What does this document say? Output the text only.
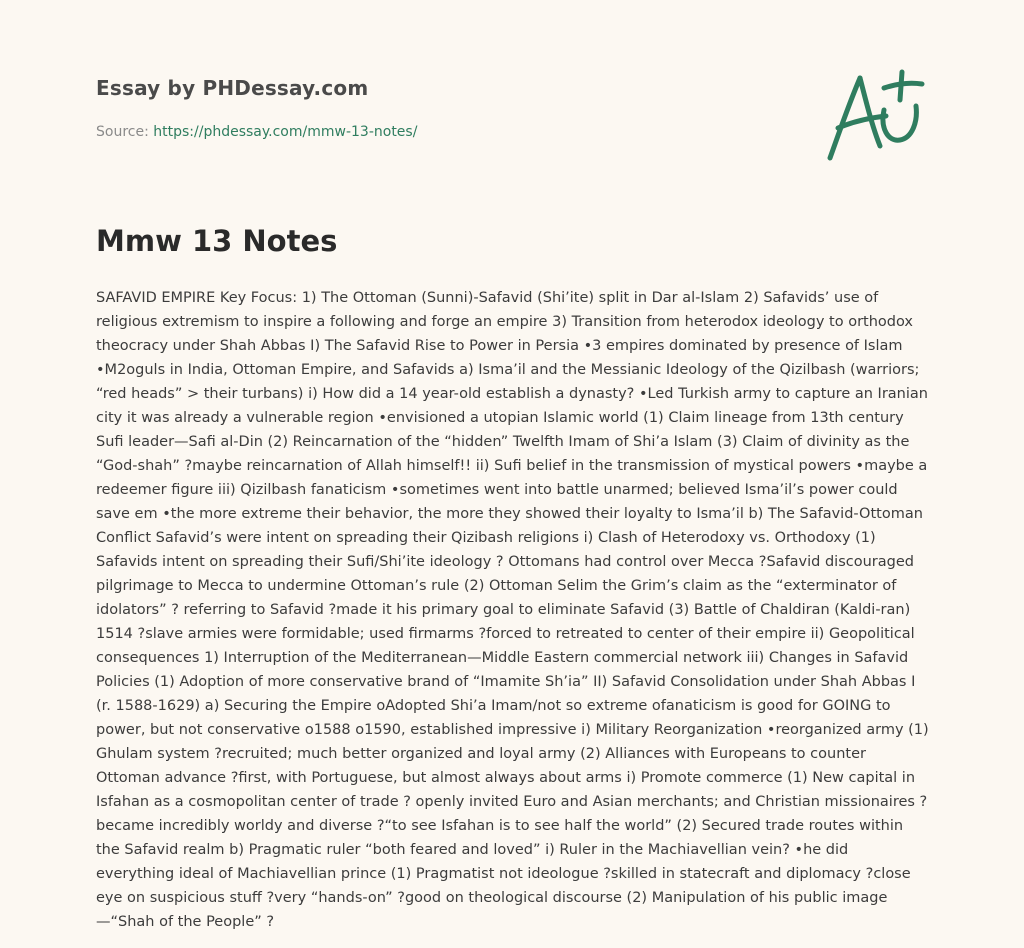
Essay by PHDessay.com
Source: https://phdessay.com/mmw-13-notes/
Mmw 13 Notes

SAFAVID EMPIRE Key Focus: 1) The Ottoman (Sunni)-Safavid (Shi’ite) split in Dar al-Islam 2) Safavids’ use of religious extremism to inspire a following and forge an empire 3) Transition from heterodox ideology to orthodox theocracy under Shah Abbas I) The Safavid Rise to Power in Persia •3 empires dominated by presence of Islam •M2oguls in India, Ottoman Empire, and Safavids a) Isma’il and the Messianic Ideology of the Qizilbash (warriors; “red heads” > their turbans) i) How did a 14 year-old establish a dynasty? •Led Turkish army to capture an Iranian city it was already a vulnerable region •envisioned a utopian Islamic world (1) Claim lineage from 13th century Sufi leader—Safi al-Din (2) Reincarnation of the “hidden” Twelfth Imam of Shi’a Islam (3) Claim of divinity as the “God-shah” ?maybe reincarnation of Allah himself!! ii) Sufi belief in the transmission of mystical powers •maybe a redeemer figure iii) Qizilbash fanaticism •sometimes went into battle unarmed; believed Isma’il’s power could save em •the more extreme their behavior, the more they showed their loyalty to Isma’il b) The Safavid-Ottoman Conflict Safavid’s were intent on spreading their Qizibash religions i) Clash of Heterodoxy vs. Orthodoxy (1) Safavids intent on spreading their Sufi/Shi’ite ideology ? Ottomans had control over Mecca ?Safavid discouraged pilgrimage to Mecca to undermine Ottoman’s rule (2) Ottoman Selim the Grim’s claim as the “exterminator of idolators” ? referring to Safavid ?made it his primary goal to eliminate Safavid (3) Battle of Chaldiran (Kaldi-ran) 1514 ?slave armies were formidable; used firmarms ?forced to retreated to center of their empire ii) Geopolitical consequences 1) Interruption of the Mediterranean—Middle Eastern commercial network iii) Changes in Safavid Policies (1) Adoption of more conservative brand of “Imamite Sh’ia” II) Safavid Consolidation under Shah Abbas I (r. 1588-1629) a) Securing the Empire oAdopted Shi’a Imam/not so extreme ofanaticism is good for GOING to power, but not conservative o1588 o1590, established impressive i) Military Reorganization •reorganized army (1) Ghulam system ?recruited; much better organized and loyal army (2) Alliances with Europeans to counter Ottoman advance ?first, with Portuguese, but almost always about arms i) Promote commerce (1) New capital in Isfahan as a cosmopolitan center of trade ? openly invited Euro and Asian merchants; and Christian missionaires ? became incredibly worldy and diverse ?“to see Isfahan is to see half the world” (2) Secured trade routes within the Safavid realm b) Pragmatic ruler “both feared and loved” i) Ruler in the Machiavellian vein? •he did everything ideal of Machiavellian prince (1) Pragmatist not ideologue ?skilled in statecraft and diplomacy ?close eye on suspicious stuff ?very “hands-on” ?good on theological discourse (2) Manipulation of his public image—“Shah of the People” ?
